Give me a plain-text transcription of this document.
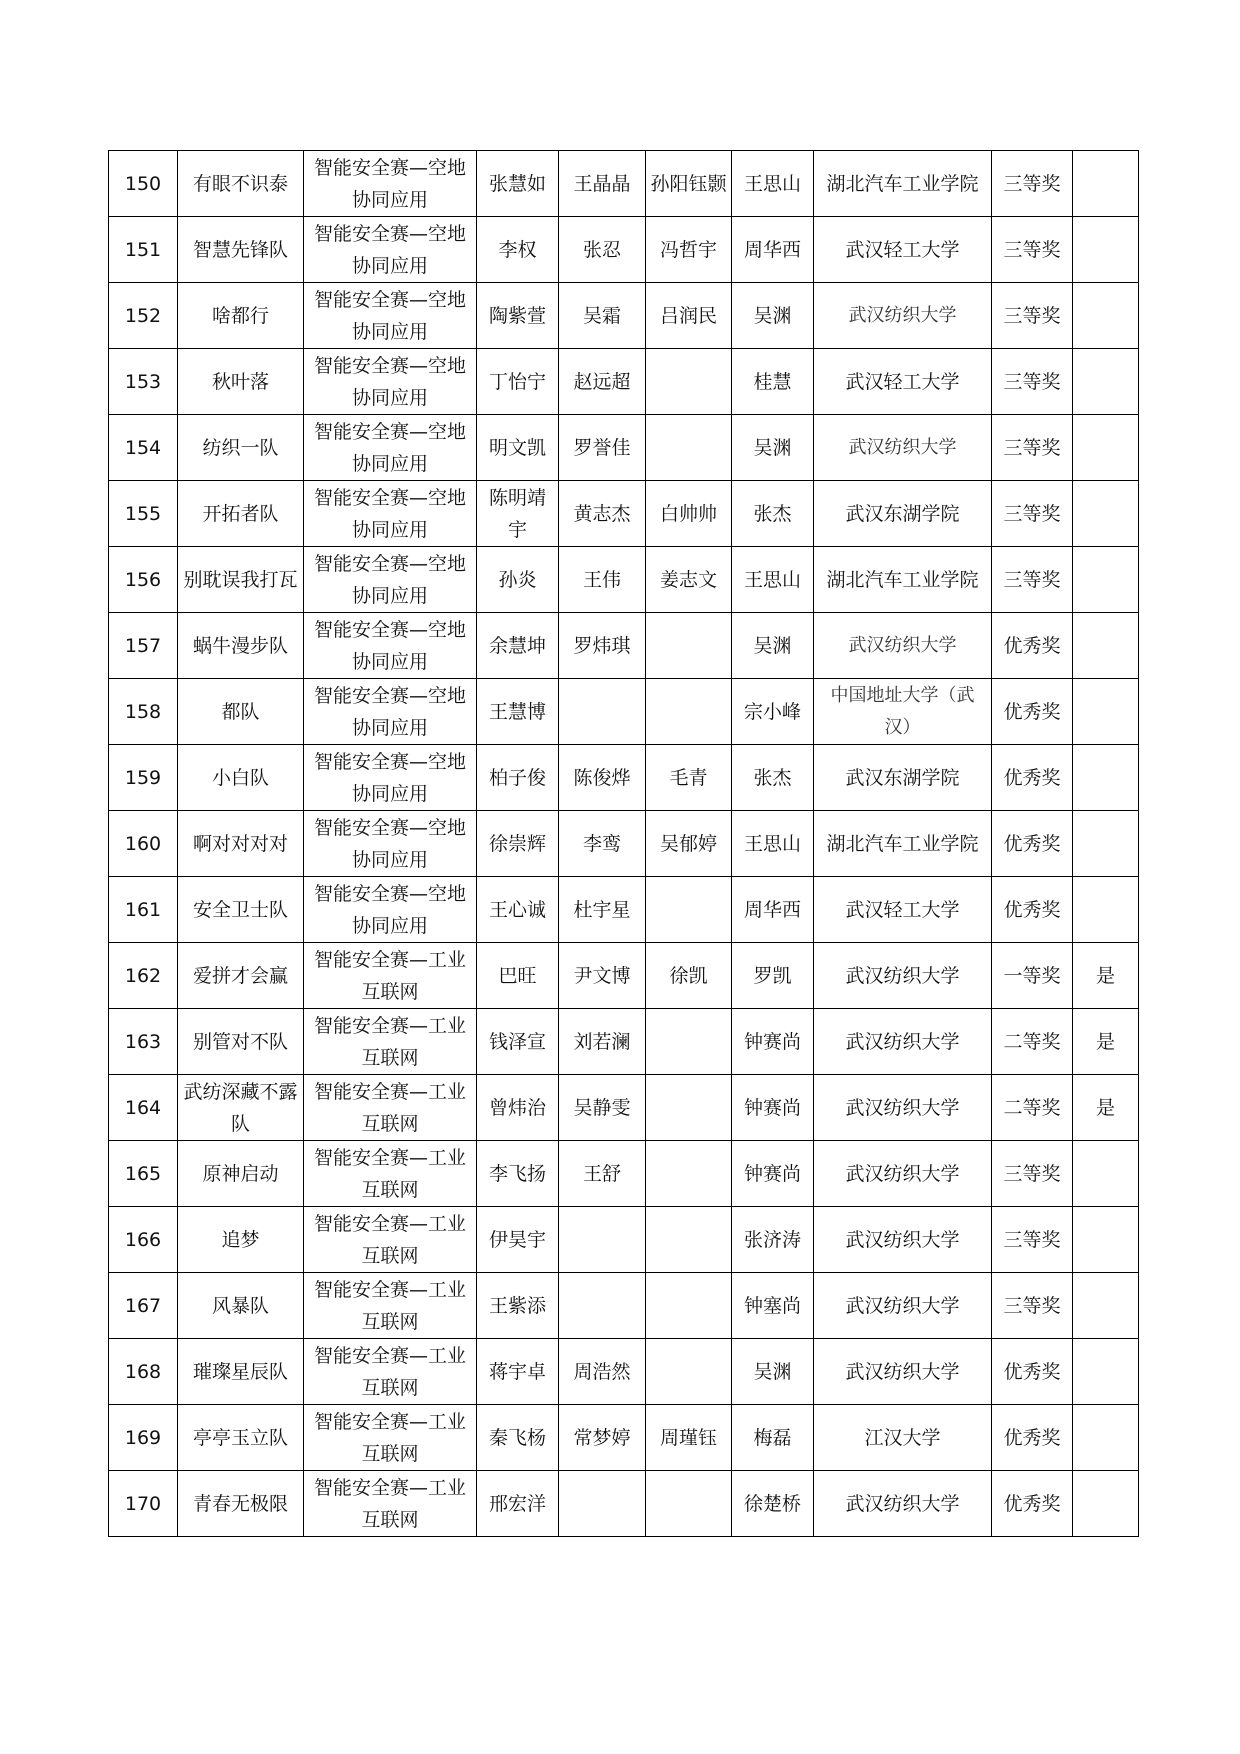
150	有眼不识泰	智能安全赛—空地协同应用	张慧如	王晶晶	孙阳钰颢	王思山	湖北汽车工业学院	三等奖	
151	智慧先锋队	智能安全赛—空地协同应用	李权	张忍	冯哲宇	周华西	武汉轻工大学	三等奖	
152	啥都行	智能安全赛—空地协同应用	陶紫萱	吴霜	吕润民	吴渊	武汉纺织大学	三等奖	
153	秋叶落	智能安全赛—空地协同应用	丁怡宁	赵远超		桂慧	武汉轻工大学	三等奖	
154	纺织一队	智能安全赛—空地协同应用	明文凯	罗誉佳		吴渊	武汉纺织大学	三等奖	
155	开拓者队	智能安全赛—空地协同应用	陈明靖宇	黄志杰	白帅帅	张杰	武汉东湖学院	三等奖	
156	别耽误我打瓦	智能安全赛—空地协同应用	孙炎	王伟	姜志文	王思山	湖北汽车工业学院	三等奖	
157	蜗牛漫步队	智能安全赛—空地协同应用	余慧坤	罗炜琪		吴渊	武汉纺织大学	优秀奖	
158	都队	智能安全赛—空地协同应用	王慧博			宗小峰	中国地址大学（武汉）	优秀奖	
159	小白队	智能安全赛—空地协同应用	柏子俊	陈俊烨	毛青	张杰	武汉东湖学院	优秀奖	
160	啊对对对对	智能安全赛—空地协同应用	徐崇辉	李鸾	吴郁婷	王思山	湖北汽车工业学院	优秀奖	
161	安全卫士队	智能安全赛—空地协同应用	王心诚	杜宇星		周华西	武汉轻工大学	优秀奖	
162	爱拼才会赢	智能安全赛—工业互联网	巴旺	尹文博	徐凯	罗凯	武汉纺织大学	一等奖	是
163	别管对不队	智能安全赛—工业互联网	钱泽宣	刘若澜		钟赛尚	武汉纺织大学	二等奖	是
164	武纺深藏不露队	智能安全赛—工业互联网	曾炜治	吴静雯		钟赛尚	武汉纺织大学	二等奖	是
165	原神启动	智能安全赛—工业互联网	李飞扬	王舒		钟赛尚	武汉纺织大学	三等奖	
166	追梦	智能安全赛—工业互联网	伊昊宇			张济涛	武汉纺织大学	三等奖	
167	风暴队	智能安全赛—工业互联网	王紫添			钟塞尚	武汉纺织大学	三等奖	
168	璀璨星辰队	智能安全赛—工业互联网	蒋宇卓	周浩然		吴渊	武汉纺织大学	优秀奖	
169	亭亭玉立队	智能安全赛—工业互联网	秦飞杨	常梦婷	周瑾钰	梅磊	江汉大学	优秀奖	
170	青春无极限	智能安全赛—工业互联网	邢宏洋			徐楚桥	武汉纺织大学	优秀奖	
